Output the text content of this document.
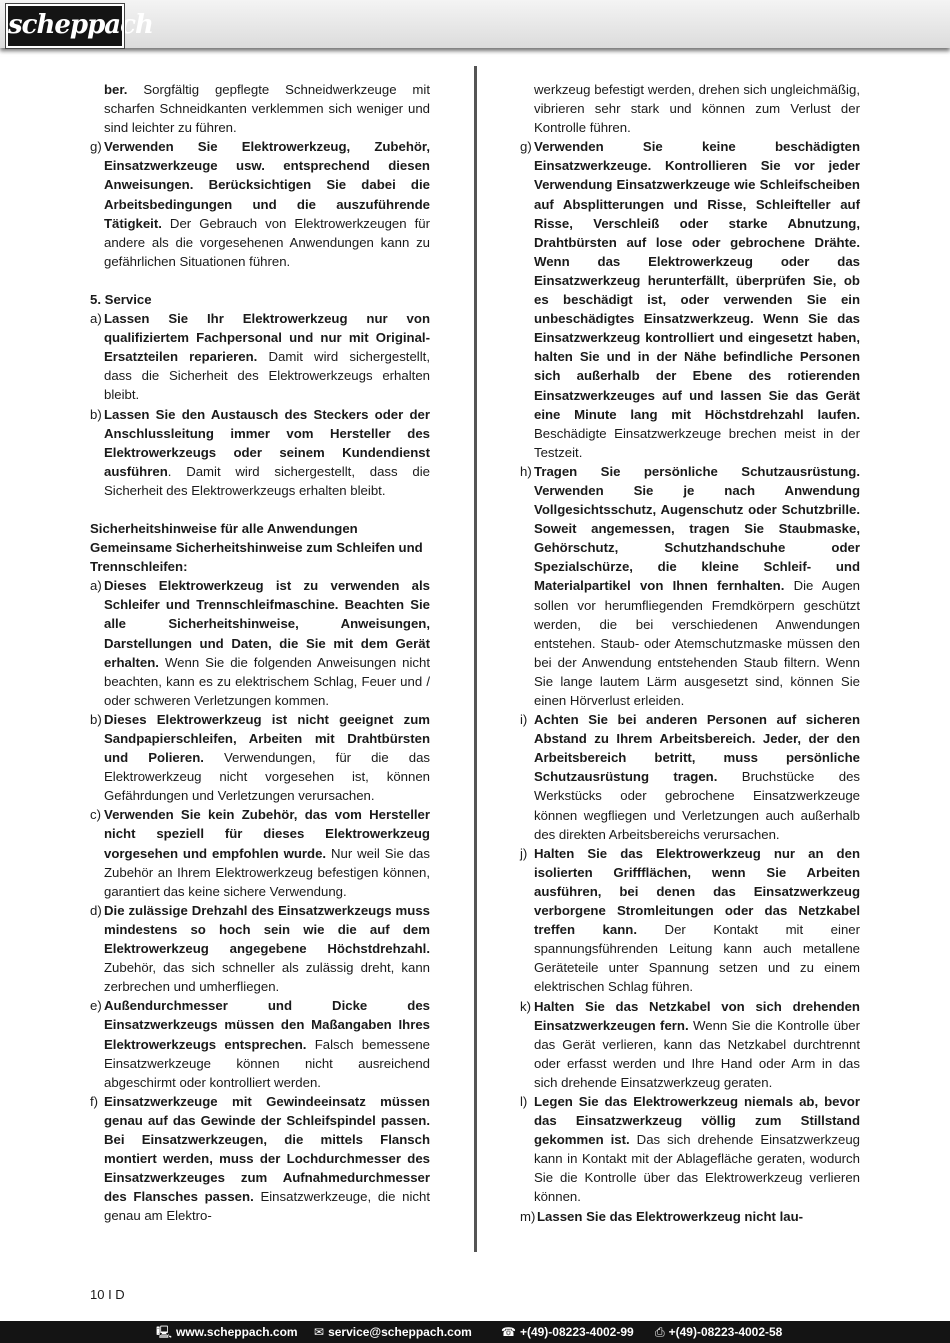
scheppach

ber. Sorgfältig gepflegte Schneidwerkzeuge mit scharfen Schneidkanten verklemmen sich weniger und sind leichter zu führen.

g) Verwenden Sie Elektrowerkzeug, Zubehör, Einsatzwerkzeuge usw. entsprechend diesen Anweisungen. Berücksichtigen Sie dabei die Arbeitsbedingungen und die auszuführende Tätigkeit. Der Gebrauch von Elektrowerkzeugen für andere als die vorgesehenen Anwendungen kann zu gefährlichen Situationen führen.

5. Service

a) Lassen Sie Ihr Elektrowerkzeug nur von qualifiziertem Fachpersonal und nur mit Original- Ersatzteilen reparieren. Damit wird sichergestellt, dass die Sicherheit des Elektrowerkzeugs erhalten bleibt.
b) Lassen Sie den Austausch des Steckers oder der Anschlussleitung immer vom Hersteller des Elektrowerkzeugs oder seinem Kundendienst ausführen. Damit wird sichergestellt, dass die Sicherheit des Elektrowerkzeugs erhalten bleibt.

Sicherheitshinweise für alle Anwendungen

Gemeinsame Sicherheitshinweise zum Schleifen und Trennschleifen:

a) Dieses Elektrowerkzeug ist zu verwenden als Schleifer und Trennschleifmaschine. Beachten Sie alle Sicherheitshinweise, Anweisungen, Darstellungen und Daten, die Sie mit dem Gerät erhalten. Wenn Sie die folgenden Anweisungen nicht beachten, kann es zu elektrischem Schlag, Feuer und / oder schweren Verletzungen kommen.
b) Dieses Elektrowerkzeug ist nicht geeignet zum Sandpapierschleifen, Arbeiten mit Drahtbürsten und Polieren. Verwendungen, für die das Elektrowerkzeug nicht vorgesehen ist, können Gefährdungen und Verletzungen verursachen.
c) Verwenden Sie kein Zubehör, das vom Hersteller nicht speziell für dieses Elektrowerkzeug vorgesehen und empfohlen wurde. Nur weil Sie das Zubehör an Ihrem Elektrowerkzeug befestigen können, garantiert das keine sichere Verwendung.
d) Die zulässige Drehzahl des Einsatzwerkzeugs muss mindestens so hoch sein wie die auf dem Elektrowerkzeug angegebene Höchstdrehzahl. Zubehör, das sich schneller als zulässig dreht, kann zerbrechen und umherfliegen.
e) Außendurchmesser und Dicke des Einsatzwerkzeugs müssen den Maßangaben Ihres Elektrowerkzeugs entsprechen. Falsch bemessene Einsatzwerkzeuge können nicht ausreichend abgeschirmt oder kontrolliert werden.
f) Einsatzwerkzeuge mit Gewindeeinsatz müssen genau auf das Gewinde der Schleifspindel passen. Bei Einsatzwerkzeugen, die mittels Flansch montiert werden, muss der Lochdurchmesser des Einsatzwerkzeuges zum Aufnahmedurchmesser des Flansches passen. Einsatzwerkzeuge, die nicht genau am Elektro-

werkzeug befestigt werden, drehen sich ungleichmäßig, vibrieren sehr stark und können zum Verlust der Kontrolle führen.

g) Verwenden Sie keine beschädigten Einsatzwerkzeuge. Kontrollieren Sie vor jeder Verwendung Einsatzwerkzeuge wie Schleifscheiben auf Absplitterungen und Risse, Schleifteller auf Risse, Verschleiß oder starke Abnutzung, Drahtbürsten auf lose oder gebrochene Drähte. Wenn das Elektrowerkzeug oder das Einsatzwerkzeug herunterfällt, überprüfen Sie, ob es beschädigt ist, oder verwenden Sie ein unbeschädigtes Einsatzwerkzeug. Wenn Sie das Einsatzwerkzeug kontrolliert und eingesetzt haben, halten Sie und in der Nähe befindliche Personen sich außerhalb der Ebene des rotierenden Einsatzwerkzeuges auf und lassen Sie das Gerät eine Minute lang mit Höchstdrehzahl laufen. Beschädigte Einsatzwerkzeuge brechen meist in der Testzeit.
h) Tragen Sie persönliche Schutzausrüstung. Verwenden Sie je nach Anwendung Vollgesichtsschutz, Augenschutz oder Schutzbrille. Soweit angemessen, tragen Sie Staubmaske, Gehörschutz, Schutzhandschuhe oder Spezialschürze, die kleine Schleif- und Materialpartikel von Ihnen fernhalten. Die Augen sollen vor herumfliegenden Fremdkörpern geschützt werden, die bei verschiedenen Anwendungen entstehen. Staub- oder Atemschutzmaske müssen den bei der Anwendung entstehenden Staub filtern. Wenn Sie lange lautem Lärm ausgesetzt sind, können Sie einen Hörverlust erleiden.
i) Achten Sie bei anderen Personen auf sicheren Abstand zu Ihrem Arbeitsbereich. Jeder, der den Arbeitsbereich betritt, muss persönliche Schutzausrüstung tragen. Bruchstücke des Werkstücks oder gebrochene Einsatzwerkzeuge können wegfliegen und Verletzungen auch außerhalb des direkten Arbeitsbereichs verursachen.
j) Halten Sie das Elektrowerkzeug nur an den isolierten Griffflächen, wenn Sie Arbeiten ausführen, bei denen das Einsatzwerkzeug verborgene Stromleitungen oder das Netzkabel treffen kann. Der Kontakt mit einer spannungsführenden Leitung kann auch metallene Geräteteile unter Spannung setzen und zu einem elektrischen Schlag führen.
k) Halten Sie das Netzkabel von sich drehenden Einsatzwerkzeugen fern. Wenn Sie die Kontrolle über das Gerät verlieren, kann das Netzkabel durchtrennt oder erfasst werden und Ihre Hand oder Arm in das sich drehende Einsatzwerkzeug geraten.
l) Legen Sie das Elektrowerkzeug niemals ab, bevor das Einsatzwerkzeug völlig zum Stillstand gekommen ist. Das sich drehende Einsatzwerkzeug kann in Kontakt mit der Ablagefläche geraten, wodurch Sie die Kontrolle über das Elektrowerkzeug verlieren können.
m) Lassen Sie das Elektrowerkzeug nicht lau-
10 I D
🖳 www.scheppach.com ✉ service@scheppach.com ☎ +(49)-08223-4002-99 ⎙ +(49)-08223-4002-58
